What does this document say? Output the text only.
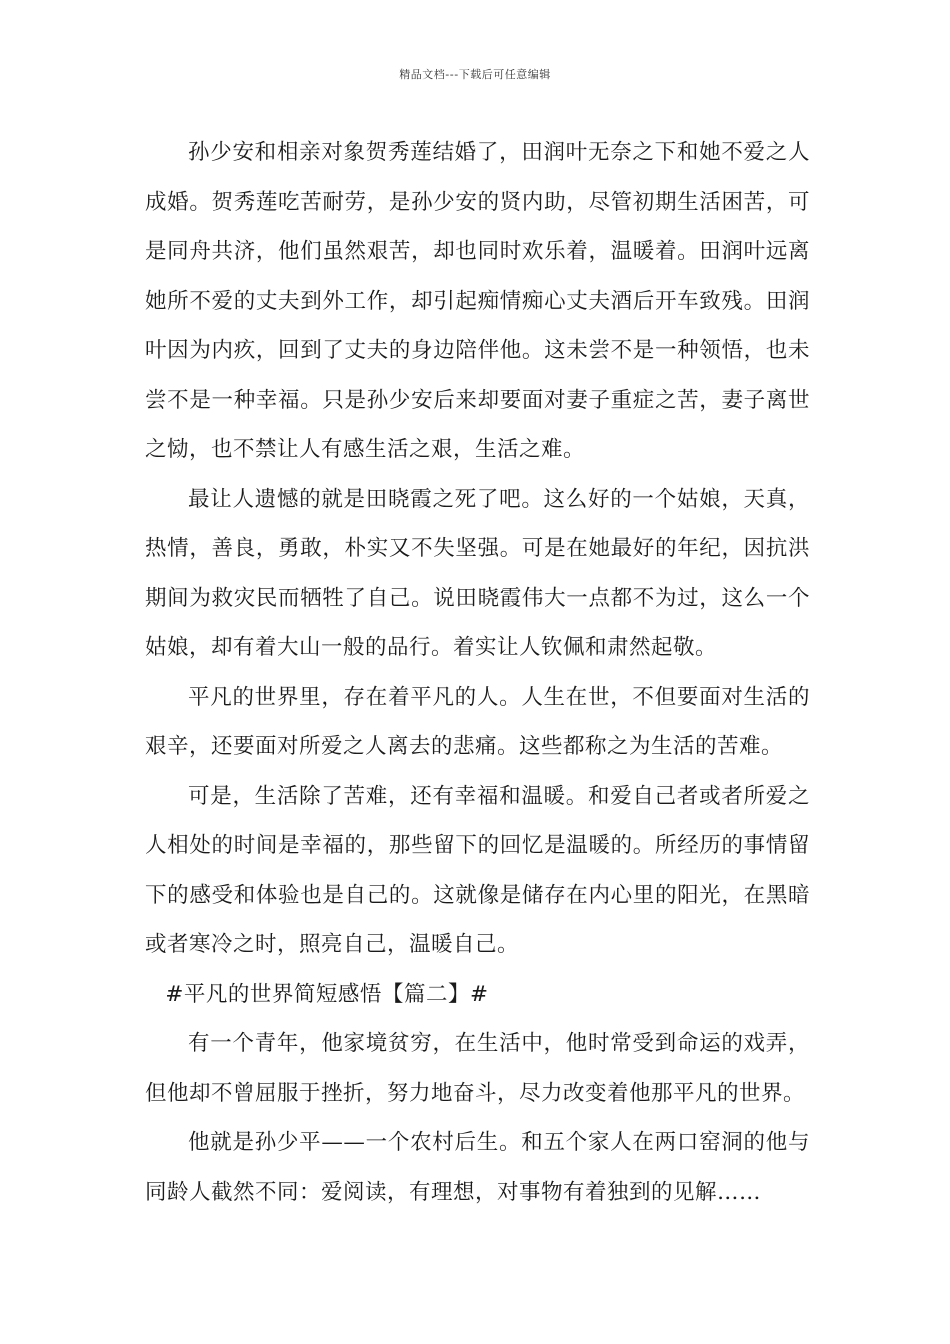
精品文档---下载后可任意编辑

孙少安和相亲对象贺秀莲结婚了，田润叶无奈之下和她不爱之人成婚。贺秀莲吃苦耐劳，是孙少安的贤内助，尽管初期生活困苦，可是同舟共济，他们虽然艰苦，却也同时欢乐着，温暖着。田润叶远离她所不爱的丈夫到外工作，却引起痴情痴心丈夫酒后开车致残。田润叶因为内疚，回到了丈夫的身边陪伴他。这未尝不是一种领悟，也未尝不是一种幸福。只是孙少安后来却要面对妻子重症之苦，妻子离世之恸，也不禁让人有感生活之艰，生活之难。

最让人遗憾的就是田晓霞之死了吧。这么好的一个姑娘，天真，热情，善良，勇敢，朴实又不失坚强。可是在她最好的年纪，因抗洪期间为救灾民而牺牲了自己。说田晓霞伟大一点都不为过，这么一个姑娘，却有着大山一般的品行。着实让人钦佩和肃然起敬。

平凡的世界里，存在着平凡的人。人生在世，不但要面对生活的艰辛，还要面对所爱之人离去的悲痛。这些都称之为生活的苦难。

可是，生活除了苦难，还有幸福和温暖。和爱自己者或者所爱之人相处的时间是幸福的，那些留下的回忆是温暖的。所经历的事情留下的感受和体验也是自己的。这就像是储存在内心里的阳光，在黑暗或者寒冷之时，照亮自己，温暖自己。

#平凡的世界简短感悟【篇二】#

有一个青年，他家境贫穷，在生活中，他时常受到命运的戏弄，但他却不曾屈服于挫折，努力地奋斗，尽力改变着他那平凡的世界。

他就是孙少平——一个农村后生。和五个家人在两口窑洞的他与同龄人截然不同：爱阅读，有理想，对事物有着独到的见解……
